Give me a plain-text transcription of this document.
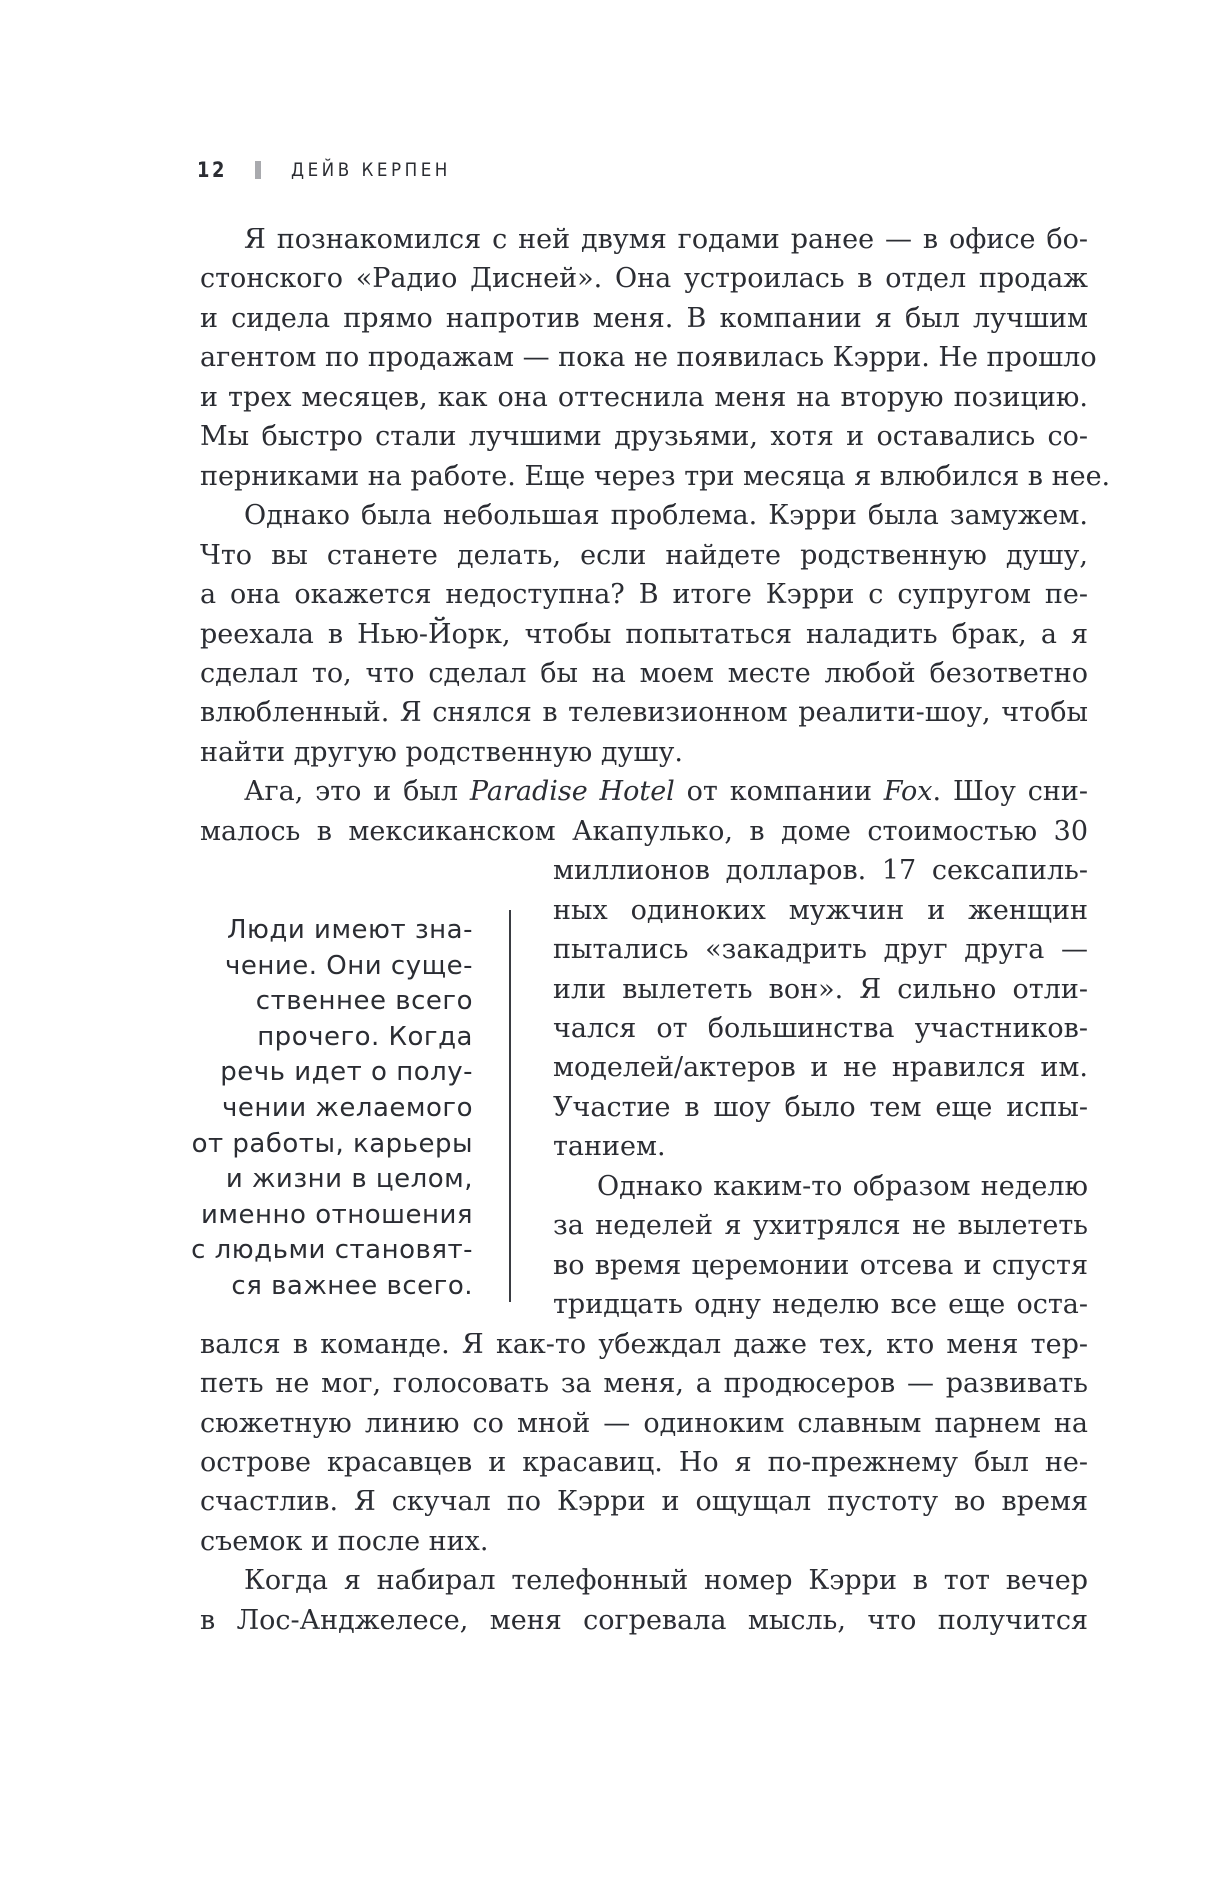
12	ДЕЙВ КЕРПЕН
Я познакомился с ней двумя годами ранее — в офисе бо-
стонского «Радио Дисней». Она устроилась в отдел продаж
и сидела прямо напротив меня. В компании я был лучшим
агентом по продажам — пока не появилась Кэрри. Не прошло
и трех месяцев, как она оттеснила меня на вторую позицию.
Мы быстро стали лучшими друзьями, хотя и оставались со-
перниками на работе. Еще через три месяца я влюбился в нее.
Однако была небольшая проблема. Кэрри была замужем.
Что вы станете делать, если найдете родственную душу,
а она окажется недоступна? В итоге Кэрри с супругом пе-
реехала в Нью-Йорк, чтобы попытаться наладить брак, а я
сделал то, что сделал бы на моем месте любой безответно
влюбленный. Я снялся в телевизионном реалити-шоу, чтобы
найти другую родственную душу.
Ага, это и был Paradise Hotel от компании Fox. Шоу сни-
малось в мексиканском Акапулько, в доме стоимостью 30
миллионов долларов. 17 сексапиль-
ных одиноких мужчин и женщин
пытались «закадрить друг друга —
или вылететь вон». Я сильно отли-
чался от большинства участников-
моделей/актеров и не нравился им.
Участие в шоу было тем еще испы-
танием.
Однако каким-то образом неделю
за неделей я ухитрялся не вылететь
во время церемонии отсева и спустя
тридцать одну неделю все еще оста-
вался в команде. Я как-то убеждал даже тех, кто меня тер-
петь не мог, голосовать за меня, а продюсеров — развивать
сюжетную линию со мной — одиноким славным парнем на
острове красавцев и красавиц. Но я по-прежнему был не-
счастлив. Я скучал по Кэрри и ощущал пустоту во время
съемок и после них.
Когда я набирал телефонный номер Кэрри в тот вечер
в Лос-Анджелесе, меня согревала мысль, что получится
Люди имеют зна-
чение. Они суще-
ственнее всего
прочего. Когда
речь идет о полу-
чении желаемого
от работы, карьеры
и жизни в целом,
именно отношения
с людьми становят-
ся важнее всего.
